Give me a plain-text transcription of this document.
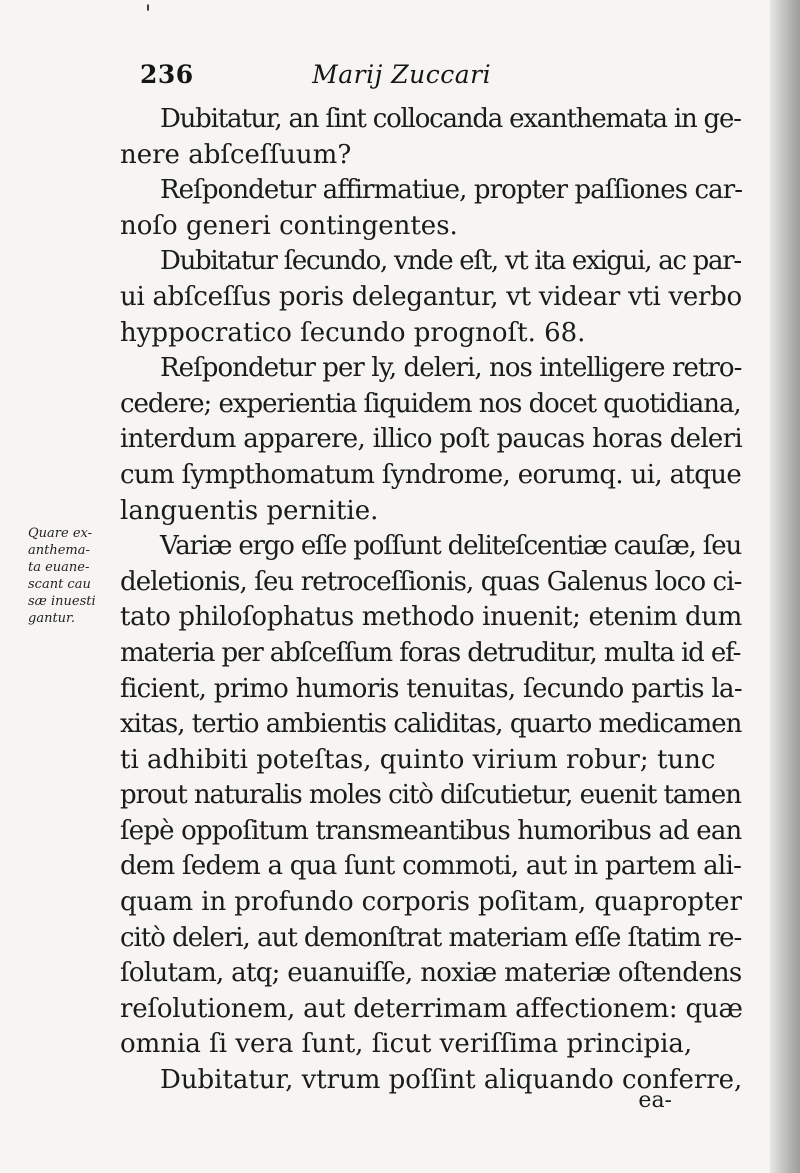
'
236	Marij Zuccari
Quare ex-
anthema-
ta euane-
scant cau
sæ inuesti
gantur.
Dubitatur, an ſint collocanda exanthemata in ge-
nere abſceſſuum?
Reſpondetur affirmatiue, propter paſſiones car-
noſo generi contingentes.
Dubitatur ſecundo, vnde eſt, vt ita exigui, ac par-
ui abſceſſus poris delegantur, vt videar vti verbo
hyppocratico ſecundo prognoſt. 68.
Reſpondetur per ly, deleri, nos intelligere retro-
cedere; experientia ſiquidem nos docet quotidiana,
interdum apparere, illico poſt paucas horas deleri
cum ſympthomatum ſyndrome, eorumq. ui, atque
languentis pernitie.
Variæ ergo eſſe poſſunt deliteſcentiæ cauſæ, ſeu
deletionis, ſeu retroceſſionis, quas Galenus loco ci-
tato philoſophatus methodo inuenit; etenim dum
materia per abſceſſum foras detruditur, multa id ef-
ficient, primo humoris tenuitas, ſecundo partis la-
xitas, tertio ambientis caliditas, quarto medicamen
ti adhibiti poteſtas, quinto virium robur; tunc
prout naturalis moles citò diſcutietur, euenit tamen
ſepè oppoſitum transmeantibus humoribus ad ean
dem ſedem a qua ſunt commoti, aut in partem ali-
quam in profundo corporis poſitam, quapropter
citò deleri, aut demonſtrat materiam eſſe ſtatim re-
ſolutam, atq; euanuiſſe, noxiæ materiæ oſtendens
reſolutionem, aut deterrimam affectionem: quæ
omnia ſi vera ſunt, ſicut veriſſima principia,
Dubitatur, vtrum poſſint aliquando conferre,
ea-
